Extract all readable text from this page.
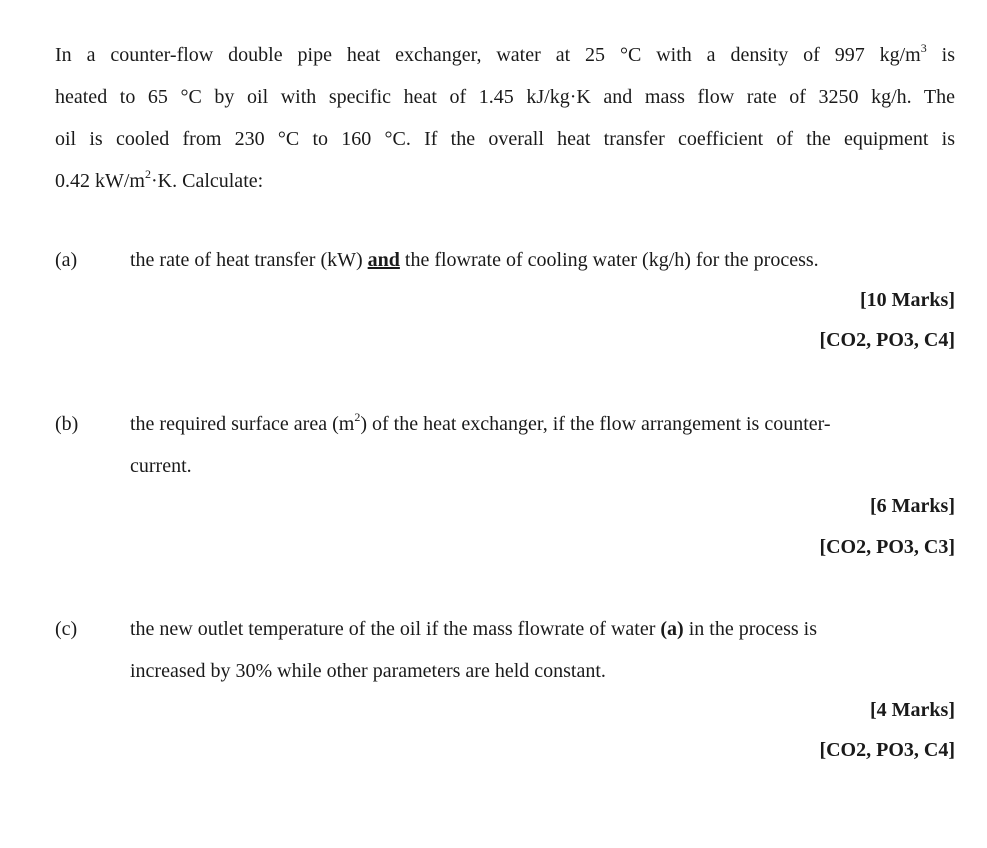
In a counter-flow double pipe heat exchanger, water at 25 °C with a density of 997 $kg/m^3$ is
heated to 65 °C by oil with specific heat of 1.45 kJ/kg·K and mass flow rate of 3250 kg/h. The
oil is cooled from 230 °C to 160 °C. If the overall heat transfer coefficient of the equipment is
0.42 $kW/m^2\cdot K$. Calculate:
(a)	the rate of heat transfer (kW) and the flowrate of cooling water (kg/h) for the process.
[10 Marks]
[CO2, PO3, C4]
(b)	the required surface area $(m^2)$ of the heat exchanger, if the flow arrangement is counter-
current.
[6 Marks]
[CO2, PO3, C3]
(c)	the new outlet temperature of the oil if the mass flowrate of water (a) in the process is
increased by 30% while other parameters are held constant.
[4 Marks]
[CO2, PO3, C4]
